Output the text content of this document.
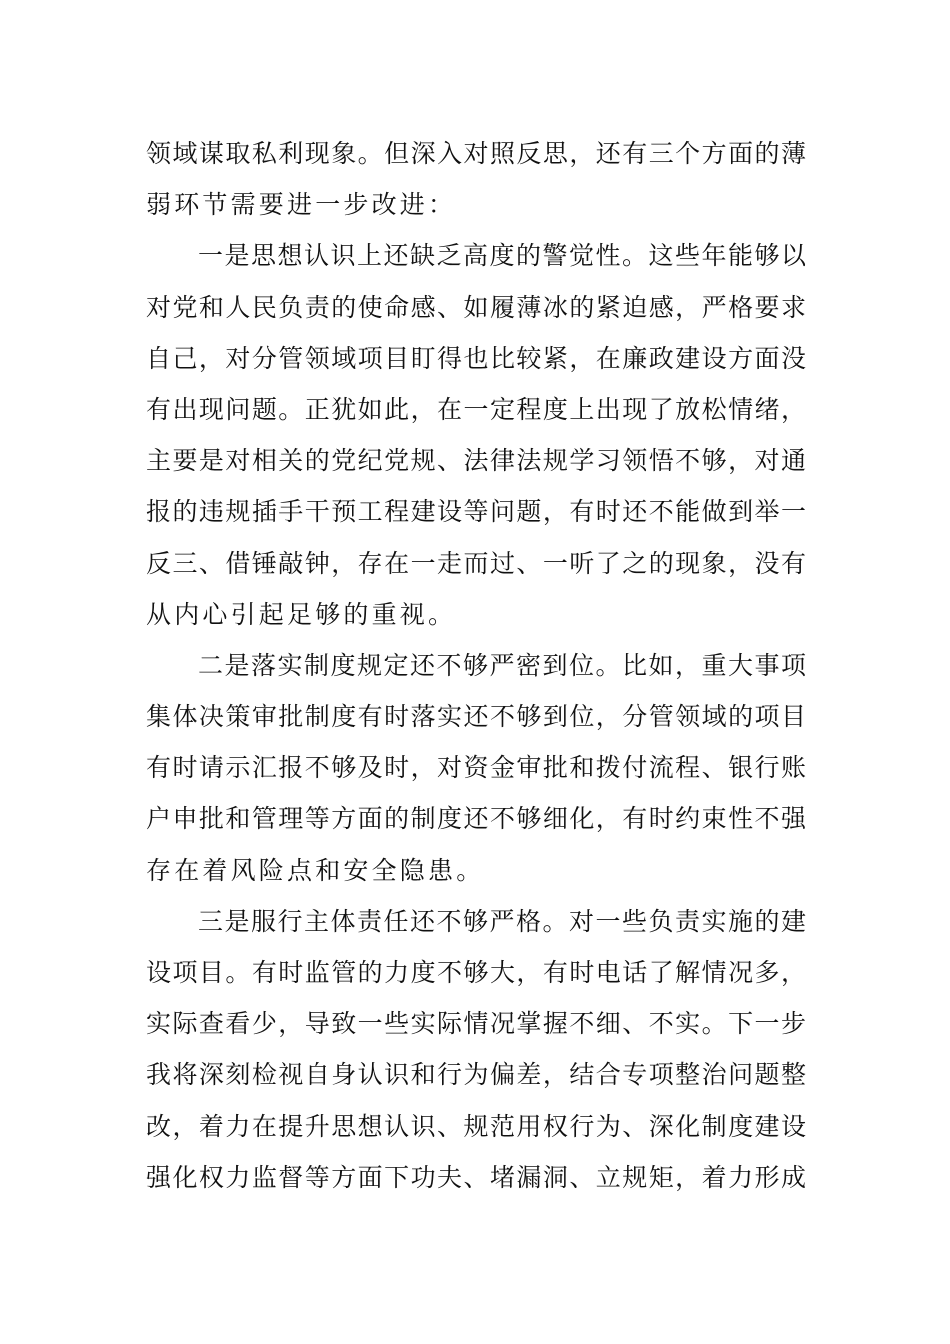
领域谋取私利现象。但深入对照反思，还有三个方面的薄
弱环节需要进一步改进：
一是思想认识上还缺乏高度的警觉性。这些年能够以
对党和人民负责的使命感、如履薄冰的紧迫感，严格要求
自己，对分管领域项目盯得也比较紧，在廉政建设方面没
有出现问题。正犹如此，在一定程度上出现了放松情绪，
主要是对相关的党纪党规、法律法规学习领悟不够，对通
报的违规插手干预工程建设等问题，有时还不能做到举一
反三、借锤敲钟，存在一走而过、一听了之的现象，没有
从内心引起足够的重视。
二是落实制度规定还不够严密到位。比如，重大事项
集体决策审批制度有时落实还不够到位，分管领域的项目
有时请示汇报不够及时，对资金审批和拨付流程、银行账
户申批和管理等方面的制度还不够细化，有时约束性不强
存在着风险点和安全隐患。
三是服行主体责任还不够严格。对一些负责实施的建
设项目。有时监管的力度不够大，有时电话了解情况多，
实际查看少，导致一些实际情况掌握不细、不实。下一步
我将深刻检视自身认识和行为偏差，结合专项整治问题整
改，着力在提升思想认识、规范用权行为、深化制度建设
强化权力监督等方面下功夫、堵漏洞、立规矩，着力形成
